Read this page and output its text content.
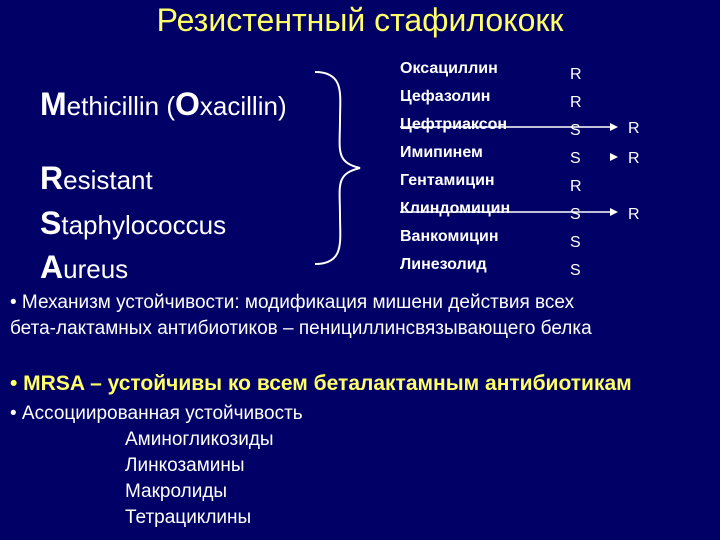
Резистентный стафилококк
Methicillin (Oxacillin)
Resistant
Staphylococcus
Aureus
Оксациллин
Цефазолин
Цефтриаксон
Имипинем
Гентамицин
Клиндомицин
Ванкомицин
Линезолид
R
R
S
S
R
S
S
S
R
R
R
• Механизм устойчивости: модификация мишени действия всех
бета-лактамных антибиотиков – пенициллинсвязывающего белка
• MRSA – устойчивы ко всем беталактамным антибиотикам
• Ассоциированная устойчивость
Аминогликозиды
Линкозамины
Макролиды
Тетрациклины
